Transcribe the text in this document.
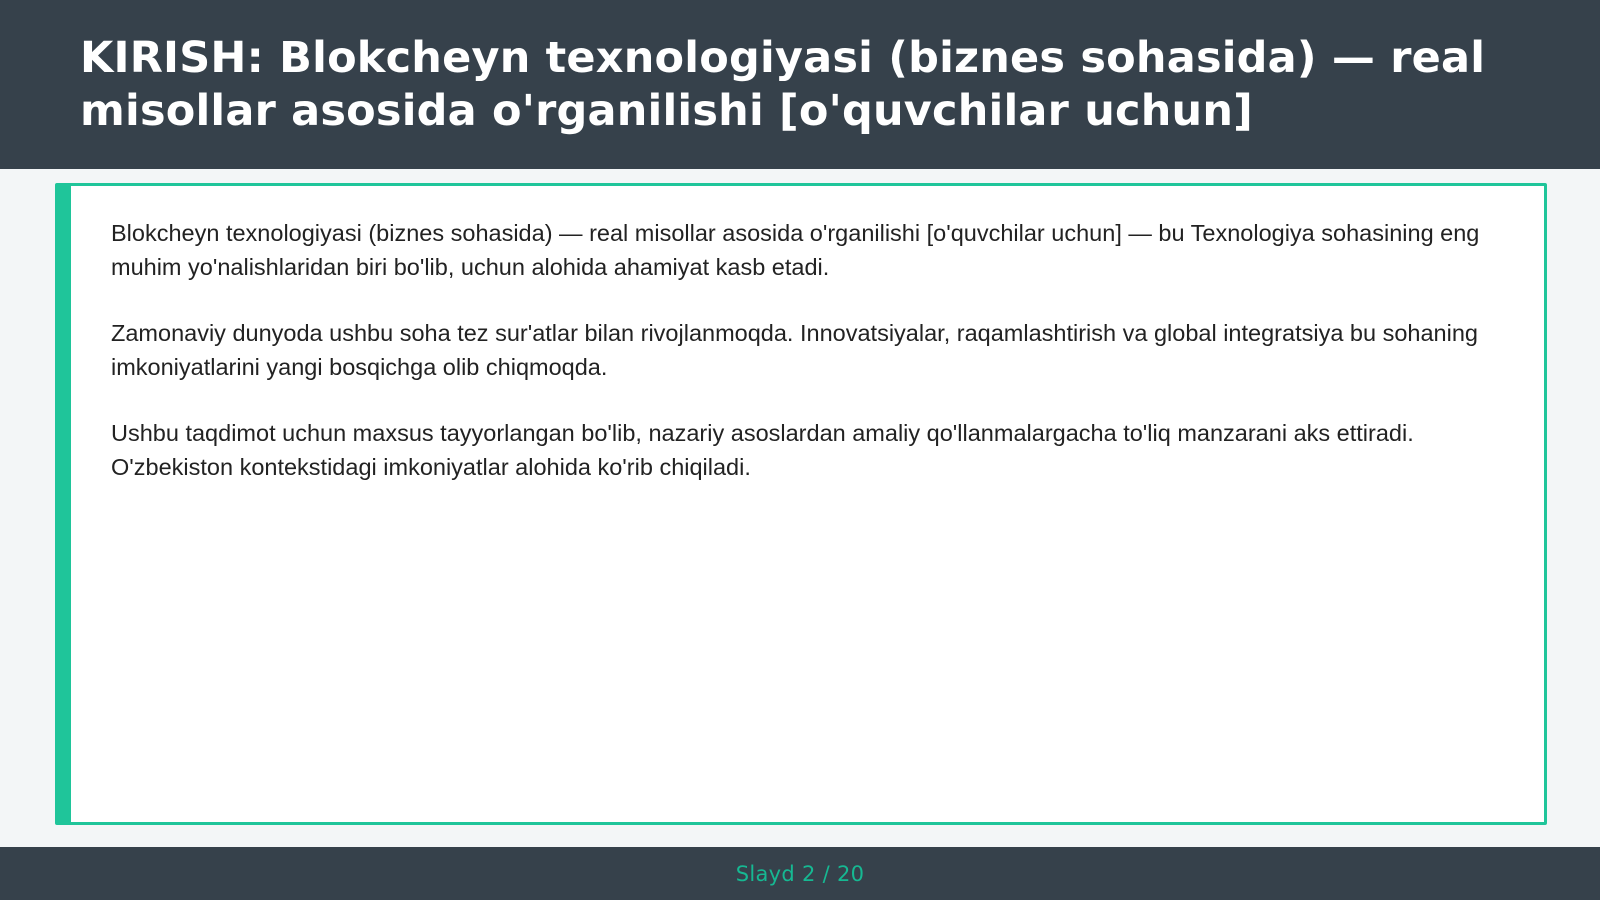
KIRISH: Blokcheyn texnologiyasi (biznes sohasida) — real misollar asosida o'rganilishi [o'quvchilar uchun]

Blokcheyn texnologiyasi (biznes sohasida) — real misollar asosida o'rganilishi [o'quvchilar uchun] — bu Texnologiya sohasining eng muhim yo'nalishlaridan biri bo'lib, uchun alohida ahamiyat kasb etadi.

Zamonaviy dunyoda ushbu soha tez sur'atlar bilan rivojlanmoqda. Innovatsiyalar, raqamlashtirish va global integratsiya bu sohaning imkoniyatlarini yangi bosqichga olib chiqmoqda.

Ushbu taqdimot uchun maxsus tayyorlangan bo'lib, nazariy asoslardan amaliy qo'llanmalargacha to'liq manzarani aks ettiradi. O'zbekiston kontekstidagi imkoniyatlar alohida ko'rib chiqiladi.

Slayd 2 / 20
